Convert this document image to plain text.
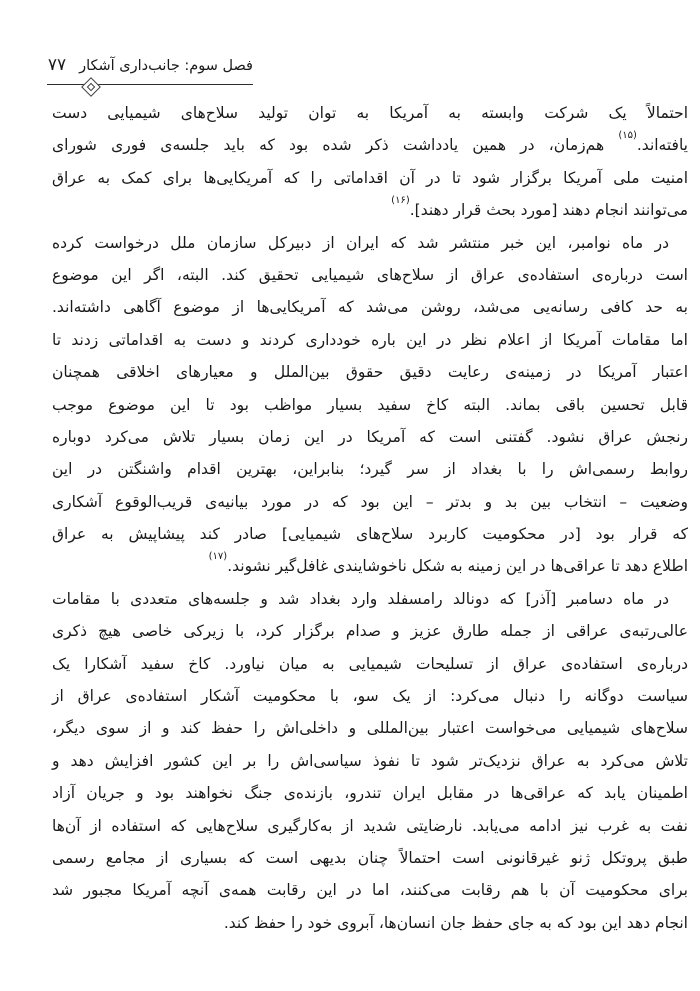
فصل سوم: جانب‌داری آشکار
۷۷
احتمالاً یک شرکت وابسته به آمریکا به توان تولید سلاح‌های شیمیایی دست
یافته‌اند.$^{(۱۵)}$ هم‌زمان، در همین یادداشت ذکر شده بود که باید جلسه‌ی فوری شورای
امنیت ملی آمریکا برگزار شود تا در آن اقداماتی را که آمریکایی‌ها برای کمک به عراق
می‌توانند انجام دهند [مورد بحث قرار دهند].$^{(۱۶)}$
در ماه نوامبر، این خبر منتشر شد که ایران از دبیرکل سازمان ملل درخواست کرده
است درباره‌ی استفاده‌ی عراق از سلاح‌های شیمیایی تحقیق کند. البته، اگر این موضوع
به حد کافی رسانه‌یی می‌شد، روشن می‌شد که آمریکایی‌ها از موضوع آگاهی داشته‌اند.
اما مقامات آمریکا از اعلام نظر در این باره خودداری کردند و دست به اقداماتی زدند تا
اعتبار آمریکا در زمینه‌ی رعایت دقیق حقوق بین‌الملل و معیارهای اخلاقی همچنان
قابل تحسین باقی بماند. البته کاخ سفید بسیار مواظب بود تا این موضوع موجب
رنجش عراق نشود. گفتنی است که آمریکا در این زمان بسیار تلاش می‌کرد دوباره
روابط رسمی‌اش را با بغداد از سر گیرد؛ بنابراین، بهترین اقدام واشنگتن در این
وضعیت – انتخاب بین بد و بدتر – این بود که در مورد بیانیه‌ی قریب‌الوقوع آشکاری
که قرار بود [در محکومیت کاربرد سلاح‌های شیمیایی] صادر کند پیشاپیش به عراق
اطلاع دهد تا عراقی‌ها در این زمینه به شکل ناخوشایندی غافل‌گیر نشوند.$^{(۱۷)}$
در ماه دسامبر [آذر] که دونالد رامسفلد وارد بغداد شد و جلسه‌های متعددی با مقامات
عالی‌رتبه‌ی عراقی از جمله طارق عزیز و صدام برگزار کرد، با زیرکی خاصی هیچ ذکری
درباره‌ی استفاده‌ی عراق از تسلیحات شیمیایی به میان نیاورد. کاخ سفید آشکارا یک
سیاست دوگانه را دنبال می‌کرد: از یک سو، با محکومیت آشکار استفاده‌ی عراق از
سلاح‌های شیمیایی می‌خواست اعتبار بین‌المللی و داخلی‌اش را حفظ کند و از سوی دیگر،
تلاش می‌کرد به عراق نزدیک‌تر شود تا نفوذ سیاسی‌اش را بر این کشور افزایش دهد و
اطمینان یابد که عراقی‌ها در مقابل ایران تندرو، بازنده‌ی جنگ نخواهند بود و جریان آزاد
نفت به غرب نیز ادامه می‌یابد. نارضایتی شدید از به‌کارگیری سلاح‌هایی که استفاده از آن‌ها
طبق پروتکل ژنو غیرقانونی است احتمالاً چنان بدیهی است که بسیاری از مجامع رسمی
برای محکومیت آن با هم رقابت می‌کنند، اما در این رقابت همه‌ی آنچه آمریکا مجبور شد
انجام دهد این بود که به جای حفظ جان انسان‌ها، آبروی خود را حفظ کند.
